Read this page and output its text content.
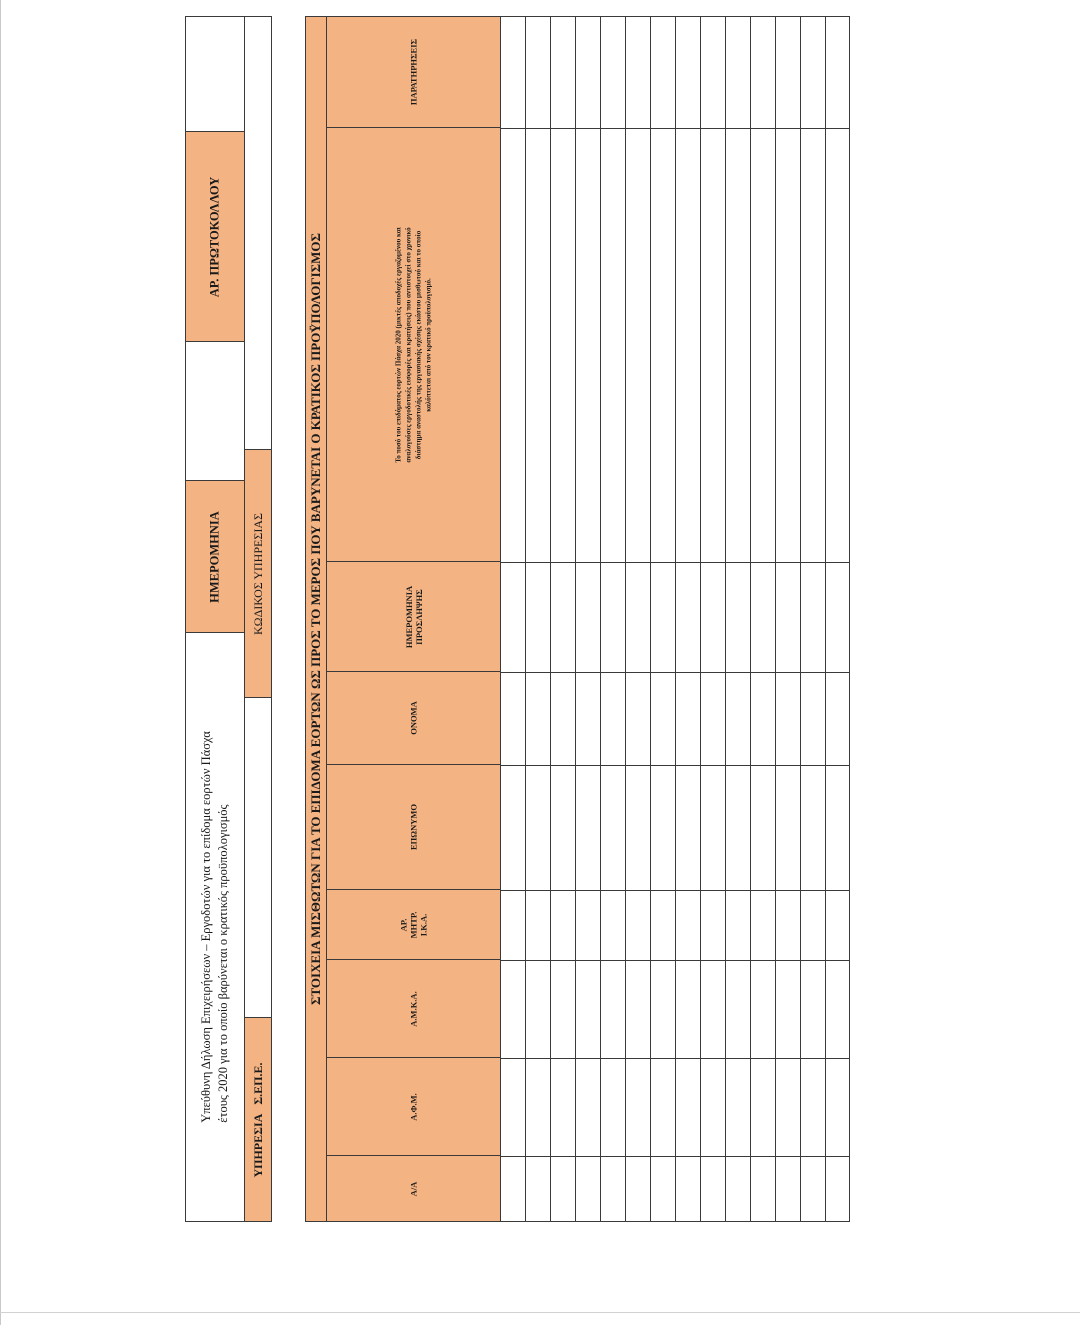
Υπεύθυνη Δήλωση Επιχειρήσεων – Εργοδοτών για το επίδομα εορτών Πάσχα έτους 2020 για το οποίο βαρύνεται ο κρατικός προϋπολογισμός
ΗΜΕΡΟΜΗΝΙΑ
ΑΡ. ΠΡΩΤΟΚΟΛΛΟΥ
ΥΠΗΡΕΣΙΑ   Σ.ΕΠ.Ε.
ΚΩΔΙΚΟΣ ΥΠΗΡΕΣΙΑΣ	ΣΤΟΙΧΕΙΑ ΜΙΣΘΩΤΩΝ ΓΙΑ ΤΟ ΕΠΙΔΟΜΑ ΕΟΡΤΩΝ ΩΣ ΠΡΟΣ ΤΟ ΜΕΡΟΣ ΠΟΥ ΒΑΡΥΝΕΤΑΙ Ο ΚΡΑΤΙΚΟΣ ΠΡΟΫΠΟΛΟΓΙΣΜΟΣ
Α/Α
Α.Φ.Μ.
Α.Μ.Κ.Α.
ΑΡ. ΜΗΤΡ. Ι.Κ.Α.
ΕΠΩΝΥΜΟ
ΟΝΟΜΑ
ΗΜΕΡΟΜΗΝΙΑ ΠΡΟΣΛΗΨΗΣ
Το ποσό του επιδόματος εορτών Πάσχα 2020 (μικτές αποδοχές εργαζομένου και αναλογούσες εργοδοτικές εισφορές και κρατήσεις) που αντιστοιχεί στο χρονικό διάστημα αναστολής της εργασιακής σχέσης εκάστου μισθωτού και το οποίο καλύπτεται από τον κρατικό προϋπολογισμό.
ΠΑΡΑΤΗΡΗΣΕΙΣ
